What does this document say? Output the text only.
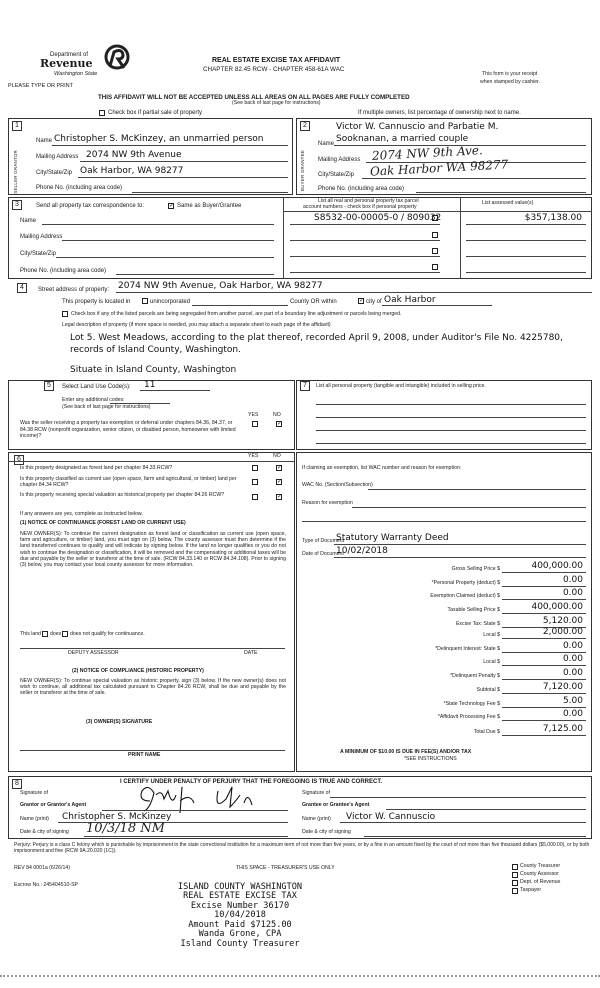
Department of
Revenue
Washington State
PLEASE TYPE OR PRINT
REAL ESTATE EXCISE TAX AFFIDAVIT
CHAPTER 82.45 RCW - CHAPTER 458-61A WAC
This form is your receipt
when stamped by cashier.
THIS AFFIDAVIT WILL NOT BE ACCEPTED UNLESS ALL AREAS ON ALL PAGES ARE FULLY COMPLETED
(See back of last page for instructions)
Check box if partial sale of property	If multiple owners, list percentage of ownership next to name.
1
SELLER GRANTOR
Name Christopher S. McKinzey, an unmarried person
Mailing Address 2074 NW 9th Avenue
City/State/Zip Oak Harbor, WA 98277
Phone No. (including area code)
2
BUYER GRANTEE
Victor W. Cannuscio and Parbatie M.
Name Sooknanan, a married couple
Mailing Address 2074 NW 9th Ave.
City/State/Zip Oak Harbor WA 98277
Phone No. (including area code)
3	Send all property tax correspondence to:	✓ Same as Buyer/Grantee
List all real and personal property tax parcel
account numbers - check box if personal property
List assessed value(s)
Name
Mailing Address
City/State/Zip
Phone No. (including area code)
S8532-00-00005-0 / 809032	$357,138.00
4	Street address of property: 2074 NW 9th Avenue, Oak Harbor, WA 98277
This property is located in	unincorporated	County OR within	✓ city of Oak Harbor
Check box if any of the listed parcels are being segregated from another parcel, are part of a boundary line adjustment or parcels being merged.
Legal description of property (if more space is needed, you may attach a separate sheet to each page of the affidavit)
Lot 5. West Meadows, according to the plat thereof, recorded April 9, 2008, under Auditor's File No. 4225780,
records of Island County, Washington.
Situate in Island County, Washington
5	Select Land Use Code(s): 11
Enter any additional codes:
(See back of last page for instructions)
YES	NO
Was the seller receiving a property tax exemption or deferral under chapters 84.36, 84.37, or 84.38 RCW (nonprofit organization, senior citizen, or disabled person, homeowner with limited income)?
✓
7	List all personal property (tangible and intangible) included in selling price.
6	YES	NO
Is this property designated as forest land per chapter 84.33 RCW?	✓
Is this property classified as current use (open space, farm and agricultural, or timber) land per chapter 84.34 RCW?	✓
Is this property receiving special valuation as historical property per chapter 84.26 RCW?	✓
If any answers are yes, complete as instructed below.
(1) NOTICE OF CONTINUANCE (FOREST LAND OR CURRENT USE)
NEW OWNER(S): To continue the current designation as forest land or classification as current use (open space, farm and agriculture, or timber) land, you must sign on (3) below. The county assessor must then determine if the land transferred continues to qualify and will indicate by signing below. If the land no longer qualifies or you do not wish to continue the designation or classification, it will be removed and the compensating or additional taxes will be due and payable by the seller or transferor at the time of sale. (RCW 84.33.140 or RCW 84.34.108). Prior to signing (3) below, you may contact your local county assessor for more information.
This land does does not qualify for continuance.
DEPUTY ASSESSOR	DATE
(2) NOTICE OF COMPLIANCE (HISTORIC PROPERTY)
NEW OWNER(S): To continue special valuation as historic property, sign (3) below. If the new owner(s) does not wish to continue, all additional tax calculated pursuant to Chapter 84.26 RCW, shall be due and payable by the seller or transferor at the time of sale.
(3) OWNER(S) SIGNATURE
PRINT NAME
If claiming an exemption, list WAC number and reason for exemption:
WAC No. (Section/Subsection)
Reason for exemption
Type of Document
Statutory Warranty Deed
Date of Document
10/02/2018
Gross Selling Price $	400,000.00
*Personal Property (deduct) $	0.00
Exemption Claimed (deduct) $	0.00
Taxable Selling Price $	400,000.00
Excise Tax: State $	5,120.00
Local $	2,000.00
*Delinquent Interest: State $	0.00
Local $	0.00
*Delinquent Penalty $	0.00
Subtotal $	7,120.00
*State Technology Fee $	5.00
*Affidavit Processing Fee $	0.00
Total Due $	7,125.00
A MINIMUM OF $10.00 IS DUE IN FEE(S) AND/OR TAX
*SEE INSTRUCTIONS
8	I CERTIFY UNDER PENALTY OF PERJURY THAT THE FOREGOING IS TRUE AND CORRECT.
Signature of
Grantor or Grantor's Agent
Name (print) Christopher S. McKinzey
Date & city of signing 10/3/18 NM
Signature of
Grantee or Grantee's Agent
Name (print) Victor W. Cannuscio
Date & city of signing
Perjury: Perjury is a class C felony which is punishable by imprisonment in the state correctional institution for a maximum term of not more than five years, or by a fine in an amount fixed by the court of not more than five thousand dollars ($5,000.00), or by both imprisonment and fine (RCW 9A.20.020 (1C)).
REV 84 0001a (6/26/14)	THIS SPACE - TREASURER'S USE ONLY
Escrow No.: 245404510-SP
County Treasurer
County Assessor
Dept. of Revenue
Taxpayer
ISLAND COUNTY WASHINGTON
REAL ESTATE EXCISE TAX
Excise Number 36170
10/04/2018
Amount Paid $7125.00
Wanda Grone, CPA
Island County Treasurer
